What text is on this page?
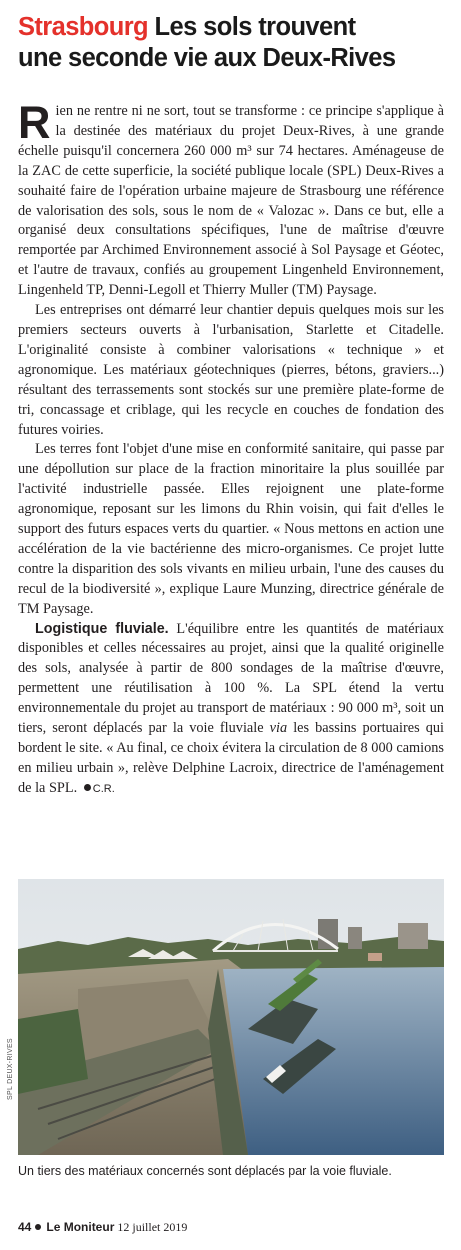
Strasbourg Les sols trouvent
une seconde vie aux Deux-Rives

R ien ne rentre ni ne sort, tout se transforme : ce principe s'applique à la destinée des matériaux du projet Deux-Rives, à une grande échelle puisqu'il concernera 260 000 m³ sur 74 hectares. Aménageuse de la ZAC de cette superficie, la société publique locale (SPL) Deux-Rives a souhaité faire de l'opération urbaine majeure de Strasbourg une référence de valorisation des sols, sous le nom de « Valozac ». Dans ce but, elle a organisé deux consultations spécifiques, l'une de maîtrise d'œuvre remportée par Archimed Environnement associé à Sol Paysage et Géotec, et l'autre de travaux, confiés au groupement Lingenheld Environnement, Lingenheld TP, Denni-Legoll et Thierry Muller (TM) Paysage.

Les entreprises ont démarré leur chantier depuis quelques mois sur les premiers secteurs ouverts à l'urbanisation, Starlette et Citadelle. L'originalité consiste à combiner valorisations « technique » et agronomique. Les matériaux géotechniques (pierres, bétons, graviers...) résultant des terrassements sont stockés sur une première plate-forme de tri, concassage et criblage, qui les recycle en couches de fondation des futures voiries.

Les terres font l'objet d'une mise en conformité sanitaire, qui passe par une dépollution sur place de la fraction minoritaire la plus souillée par l'activité industrielle passée. Elles rejoignent une plate-forme agronomique, reposant sur les limons du Rhin voisin, qui fait d'elles le support des futurs espaces verts du quartier. « Nous mettons en action une accélération de la vie bactérienne des micro-organismes. Ce projet lutte contre la disparition des sols vivants en milieu urbain, l'une des causes du recul de la biodiversité », explique Laure Munzing, directrice générale de TM Paysage.

Logistique fluviale. L'équilibre entre les quantités de matériaux disponibles et celles nécessaires au projet, ainsi que la qualité originelle des sols, analysée à partir de 800 sondages de la maîtrise d'œuvre, permettent une réutilisation à 100 %. La SPL étend la vertu environnementale du projet au transport de matériaux : 90 000 m³, soit un tiers, seront déplacés par la voie fluviale via les bassins portuaires qui bordent le site. « Au final, ce choix évitera la circulation de 8 000 camions en milieu urbain », relève Delphine Lacroix, directrice de l'aménagement de la SPL. C.R.

SPL DEUX-RIVES
Un tiers des matériaux concernés sont déplacés par la voie fluviale.
44 Le Moniteur 12 juillet 2019
